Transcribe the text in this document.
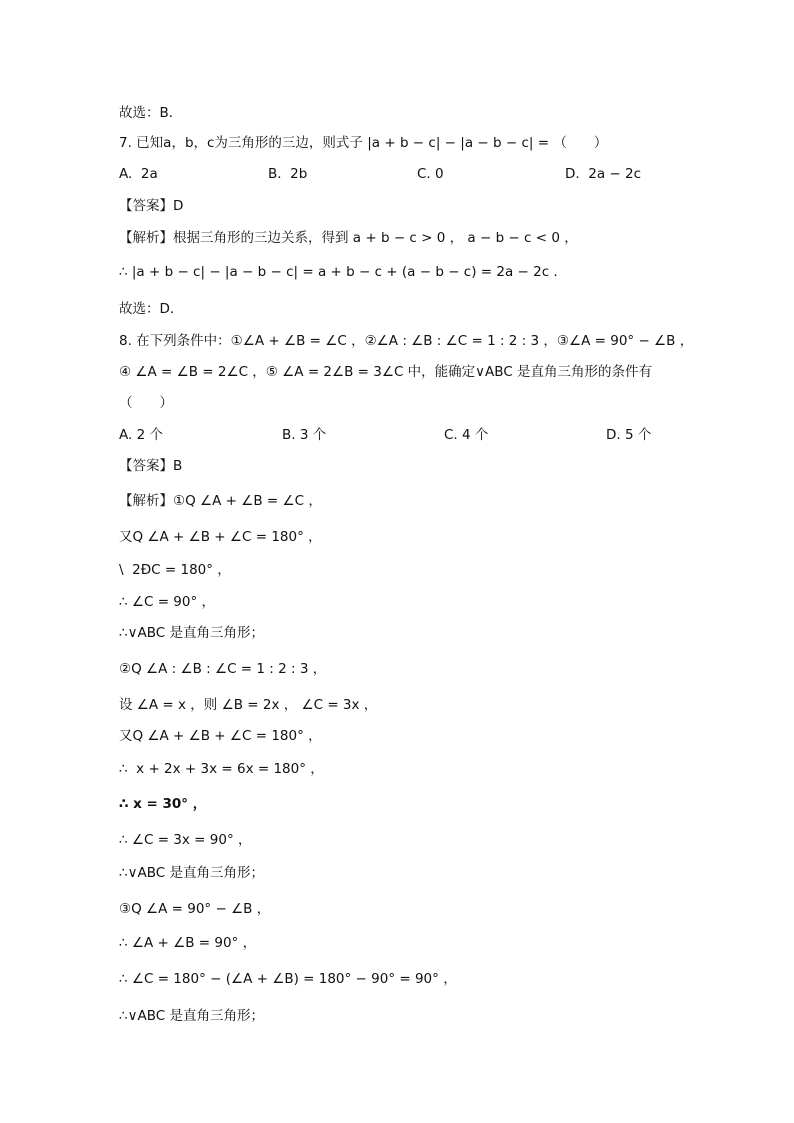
故选：B．
7. 已知a，b，c为三角形的三边，则式子 |a + b − c| − |a − b − c| = （　　）
A.  2a	B.  2b	C. 0	D.  2a − 2c
【答案】D
【解析】根据三角形的三边关系，得到 a + b − c > 0 ， a − b − c < 0 ，
∴ |a + b − c| − |a − b − c| = a + b − c + (a − b − c) = 2a − 2c ．
故选：D．
8. 在下列条件中：①∠A + ∠B = ∠C ，②∠A : ∠B : ∠C = 1 : 2 : 3 ，③∠A = 90° − ∠B ，
④ ∠A = ∠B = 2∠C ，⑤ ∠A = 2∠B = 3∠C 中，能确定∨ABC 是直角三角形的条件有
（　　）
A. 2 个	B. 3 个	C. 4 个	D. 5 个
【答案】B
【解析】①Q ∠A + ∠B = ∠C ，
又Q ∠A + ∠B + ∠C = 180° ，
\  2ÐC = 180° ，
∴ ∠C = 90° ，
∴∨ABC 是直角三角形；
②Q ∠A : ∠B : ∠C = 1 : 2 : 3 ，
设 ∠A = x ，则 ∠B = 2x ， ∠C = 3x ，
又Q ∠A + ∠B + ∠C = 180° ，
∴  x + 2x + 3x = 6x = 180° ，
∴ x = 30° ，
∴ ∠C = 3x = 90° ，
∴∨ABC 是直角三角形；
③Q ∠A = 90° − ∠B ，
∴ ∠A + ∠B = 90° ，
∴ ∠C = 180° − (∠A + ∠B) = 180° − 90° = 90° ，
∴∨ABC 是直角三角形；
